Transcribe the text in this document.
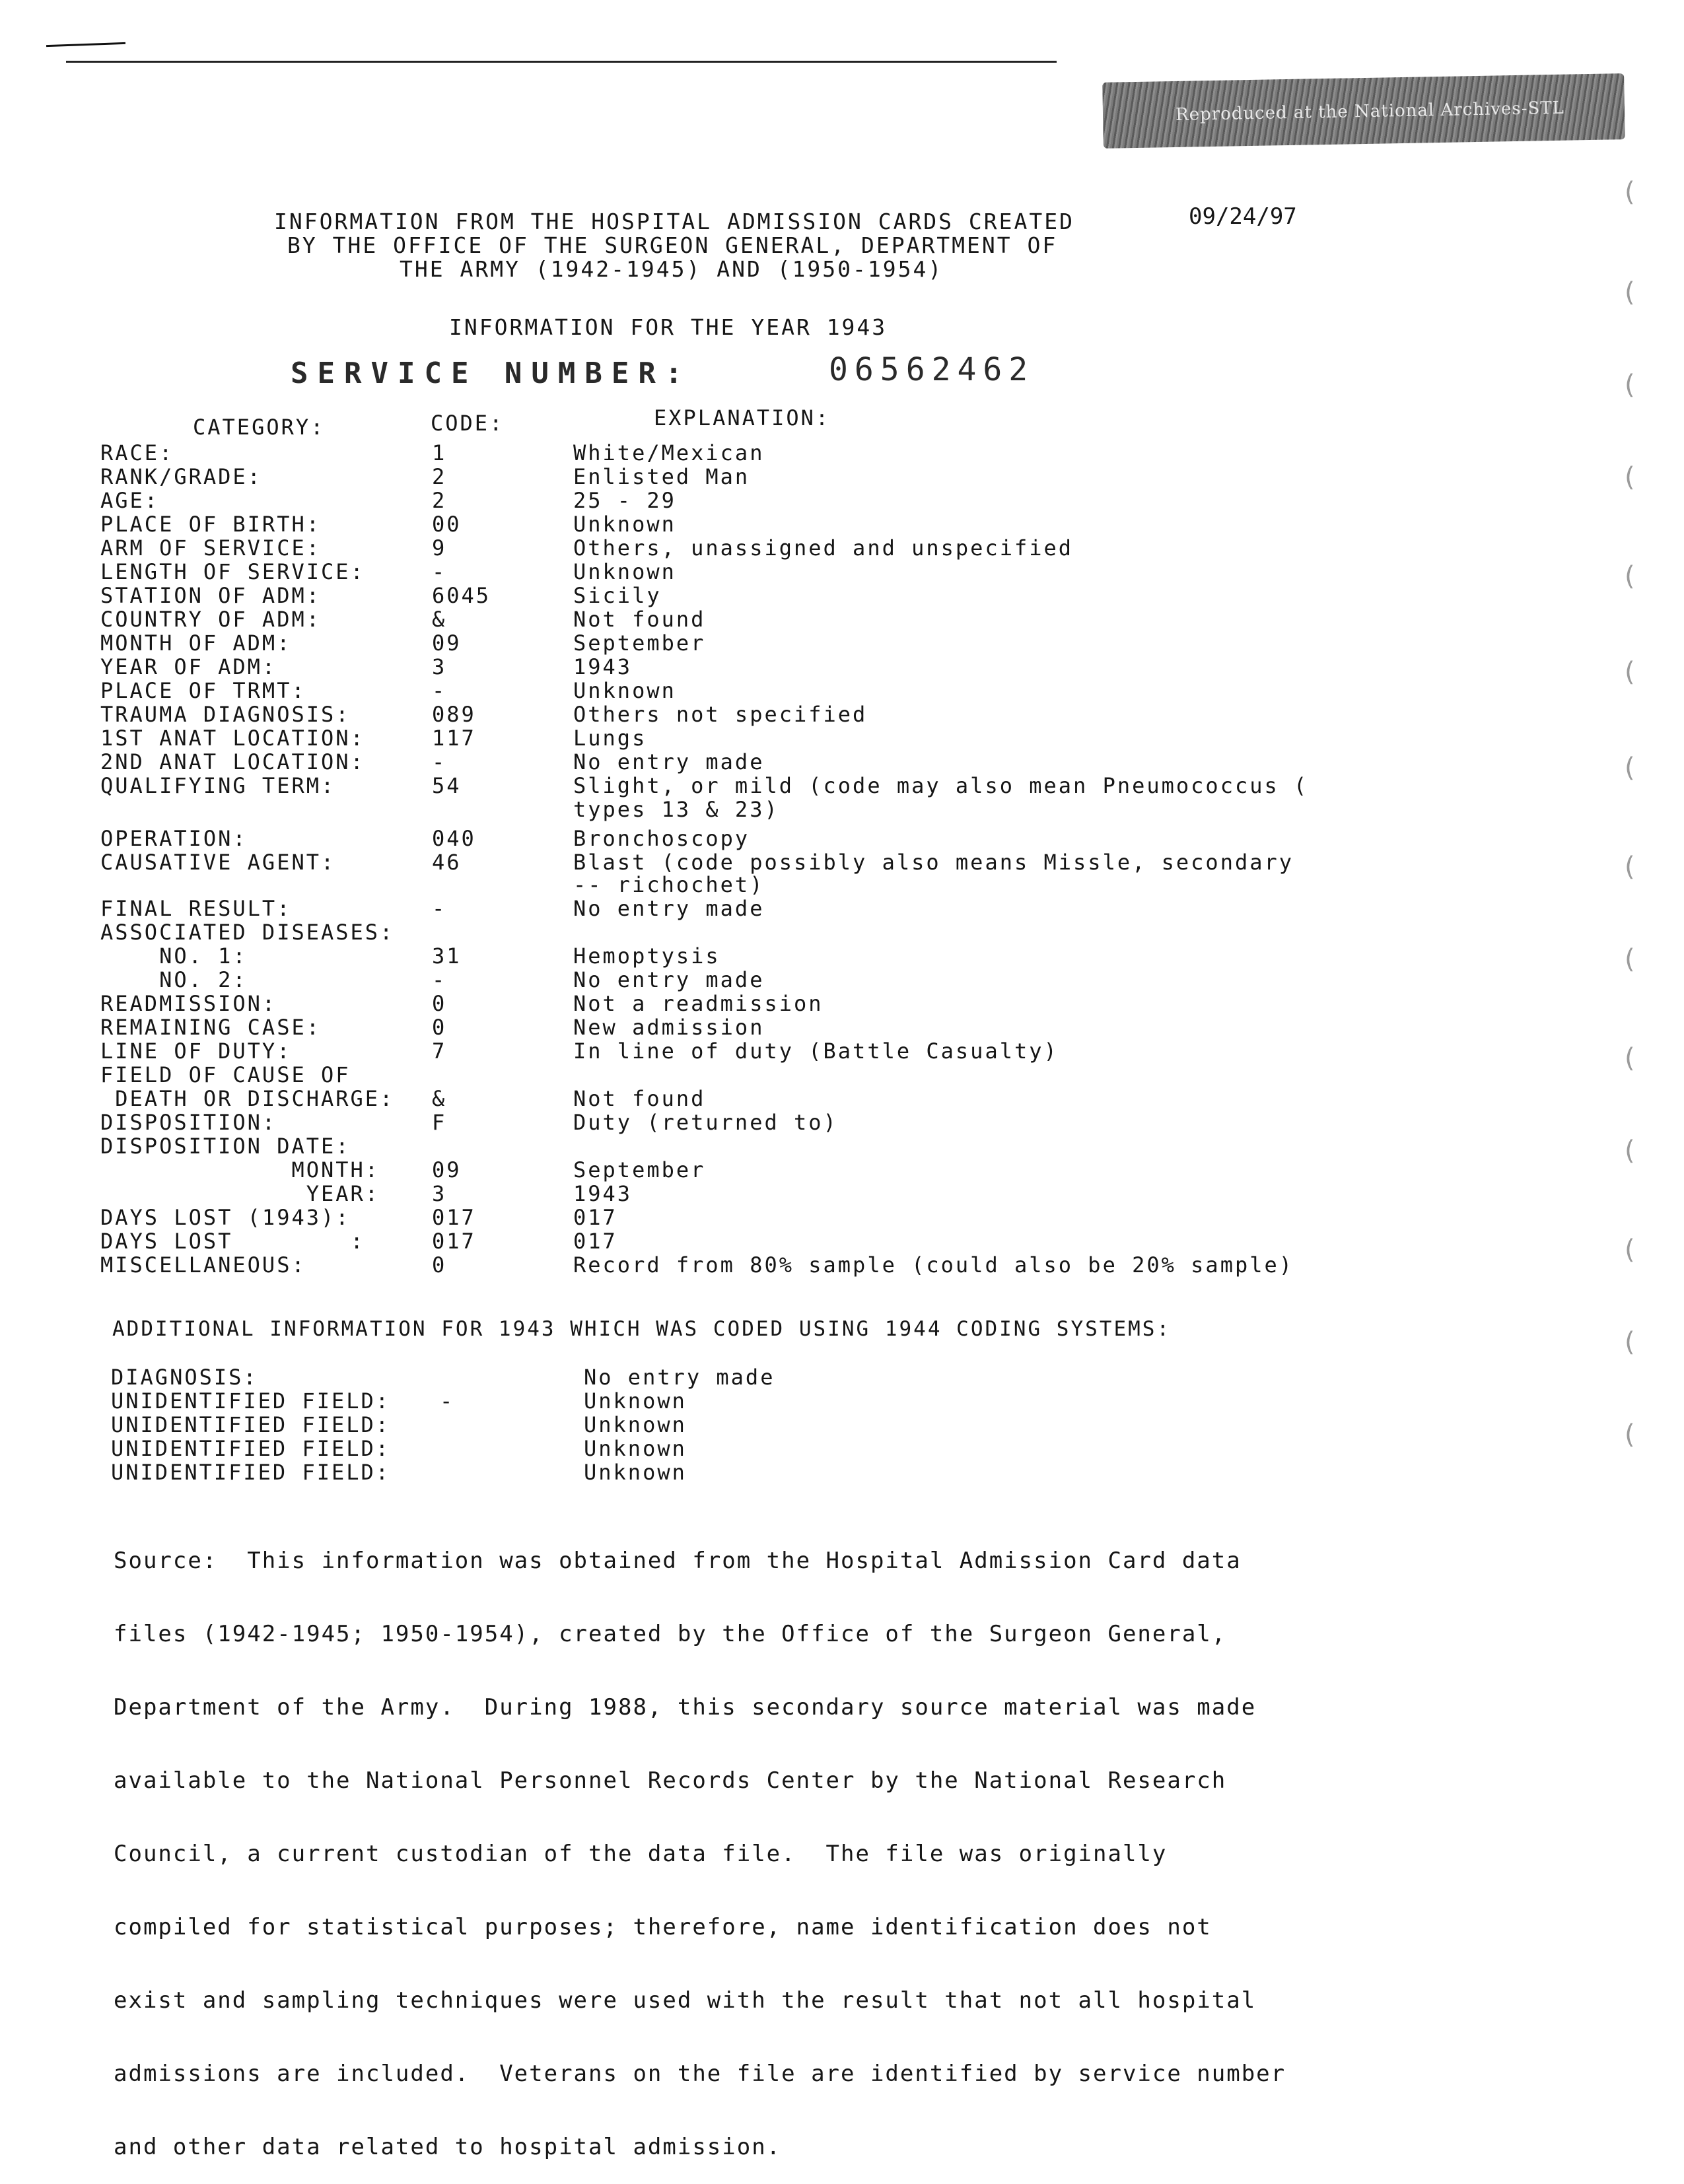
Reproduced at the National Archives-STL
09/24/97
INFORMATION FROM THE HOSPITAL ADMISSION CARDS CREATED
BY THE OFFICE OF THE SURGEON GENERAL, DEPARTMENT OF
THE ARMY (1942-1945) AND (1950-1954)
INFORMATION FOR THE YEAR 1943
SERVICE NUMBER:	06562462
CATEGORY:	CODE:	EXPLANATION:
RACE:	1	White/Mexican
RANK/GRADE:	2	Enlisted Man
AGE:	2	25 - 29
PLACE OF BIRTH:	00	Unknown
ARM OF SERVICE:	9	Others, unassigned and unspecified
LENGTH OF SERVICE:	-	Unknown
STATION OF ADM:	6045	Sicily
COUNTRY OF ADM:	&	Not found
MONTH OF ADM:	09	September
YEAR OF ADM:	3	1943
PLACE OF TRMT:	-	Unknown
TRAUMA DIAGNOSIS:	089	Others not specified
1ST ANAT LOCATION:	117	Lungs
2ND ANAT LOCATION:	-	No entry made
QUALIFYING TERM:	54	Slight, or mild (code may also mean Pneumococcus (
types 13 & 23)
OPERATION:	040	Bronchoscopy
CAUSATIVE AGENT:	46	Blast (code possibly also means Missle, secondary
-- richochet)
FINAL RESULT:	-	No entry made
ASSOCIATED DISEASES:
NO. 1:	31	Hemoptysis
NO. 2:	-	No entry made
READMISSION:	0	Not a readmission
REMAINING CASE:	0	New admission
LINE OF DUTY:	7	In line of duty (Battle Casualty)
FIELD OF CAUSE OF
DEATH OR DISCHARGE: &	Not found
DISPOSITION:	F	Duty (returned to)
DISPOSITION DATE:
MONTH: 09	September
YEAR: 3	1943
DAYS LOST (1943):	017	017
DAYS LOST        :	017	017
MISCELLANEOUS:	0	Record from 80% sample (could also be 20% sample)
ADDITIONAL INFORMATION FOR 1943 WHICH WAS CODED USING 1944 CODING SYSTEMS:
DIAGNOSIS:	No entry made
UNIDENTIFIED FIELD: -	Unknown
UNIDENTIFIED FIELD:	Unknown
UNIDENTIFIED FIELD:	Unknown
UNIDENTIFIED FIELD:	Unknown

Source:  This information was obtained from the Hospital Admission Card data

files (1942-1945; 1950-1954), created by the Office of the Surgeon General,

Department of the Army.  During 1988, this secondary source material was made

available to the National Personnel Records Center by the National Research

Council, a current custodian of the data file.  The file was originally

compiled for statistical purposes; therefore, name identification does not

exist and sampling techniques were used with the result that not all hospital

admissions are included.  Veterans on the file are identified by service number

and other data related to hospital admission.

(
(
(
(
(
(
(
(
(
(
(
(
(
(
